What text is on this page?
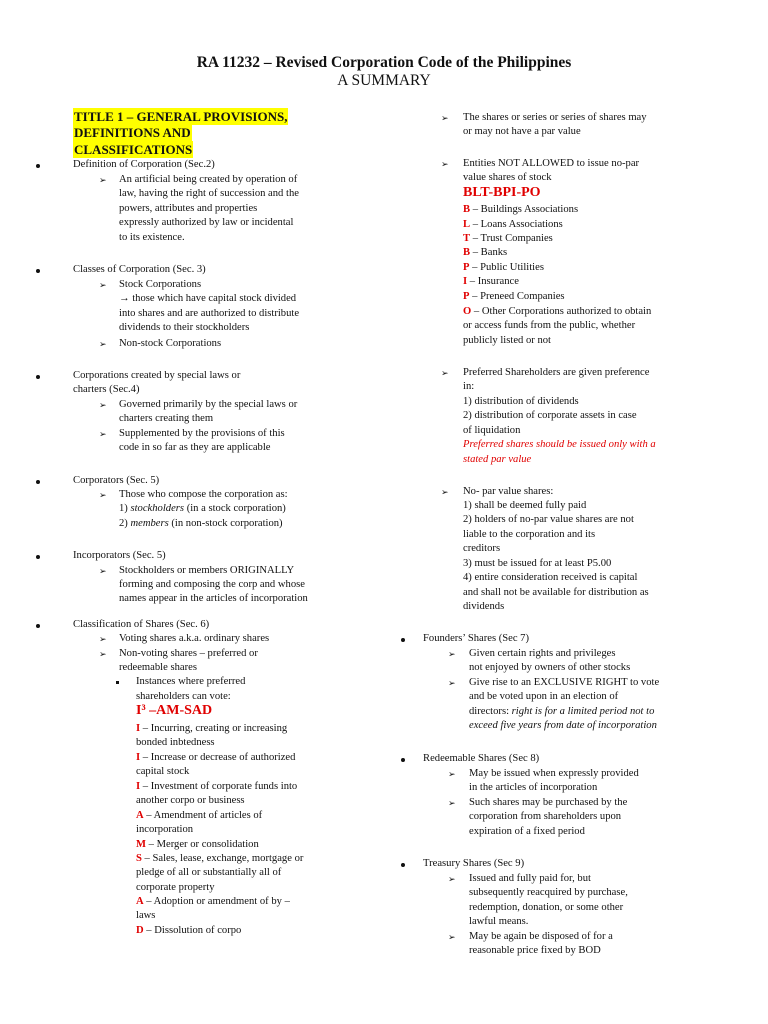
RA 11232 – Revised Corporation Code of the Philippines
A SUMMARY
TITLE 1 – GENERAL PROVISIONS,
DEFINITIONS AND
CLASSIFICATIONS
Definition of Corporation (Sec.2)
➢ An artificial being created by operation of
law, having the right of succession and the
powers, attributes and properties
expressly authorized by law or incidental
to its existence.
Classes of Corporation (Sec. 3)
➢ Stock Corporations
→ those which have capital stock divided
into shares and are authorized to distribute
dividends to their stockholders
➢ Non-stock Corporations
Corporations created by special laws or
charters (Sec.4)
➢ Governed primarily by the special laws or
charters creating them
➢ Supplemented by the provisions of this
code in so far as they are applicable
Corporators (Sec. 5)
➢ Those who compose the corporation as:
1) stockholders (in a stock corporation)
2) members (in non-stock corporation)
Incorporators (Sec. 5)
➢ Stockholders or members ORIGINALLY
forming and composing the corp and whose
names appear in the articles of incorporation
Classification of Shares (Sec. 6)
➢ Voting shares a.k.a. ordinary shares
➢ Non-voting shares – preferred or
redeemable shares
Instances where preferred
shareholders can vote:
I³ –AM-SAD
I – Incurring, creating or increasing
bonded inbtedness
I – Increase or decrease of authorized
capital stock
I – Investment of corporate funds into
another corpo or business
A – Amendment of articles of
incorporation
M – Merger or consolidation
S – Sales, lease, exchange, mortgage or
pledge of all or substantially all of
corporate property
A – Adoption or amendment of by –
laws
D – Dissolution of corpo
➢ The shares or series or series of shares may
or may not have a par value
➢ Entities NOT ALLOWED to issue no-par
value shares of stock
BLT-BPI-PO
B – Buildings Associations
L – Loans Associations
T – Trust Companies
B – Banks
P – Public Utilities
I – Insurance
P – Preneed Companies
O – Other Corporations authorized to obtain
or access funds from the public, whether
publicly listed or not
➢ Preferred Shareholders are given preference
in:
1) distribution of dividends
2) distribution of corporate assets in case
of liquidation
Preferred shares should be issued only with a
stated par value
➢ No- par value shares:
1) shall be deemed fully paid
2) holders of no-par value shares are not
liable to the corporation and its
creditors
3) must be issued for at least P5.00
4) entire consideration received is capital
and shall not be available for distribution as
dividends
Founders’ Shares (Sec 7)
➢ Given certain rights and privileges
not enjoyed by owners of other stocks
➢ Give rise to an EXCLUSIVE RIGHT to vote
and be voted upon in an election of
directors: right is for a limited period not to
exceed five years from date of incorporation
Redeemable Shares (Sec 8)
➢ May be issued when expressly provided
in the articles of incorporation
➢ Such shares may be purchased by the
corporation from shareholders upon
expiration of a fixed period
Treasury Shares (Sec 9)
➢ Issued and fully paid for, but
subsequently reacquired by purchase,
redemption, donation, or some other
lawful means.
➢ May be again be disposed of for a
reasonable price fixed by BOD
